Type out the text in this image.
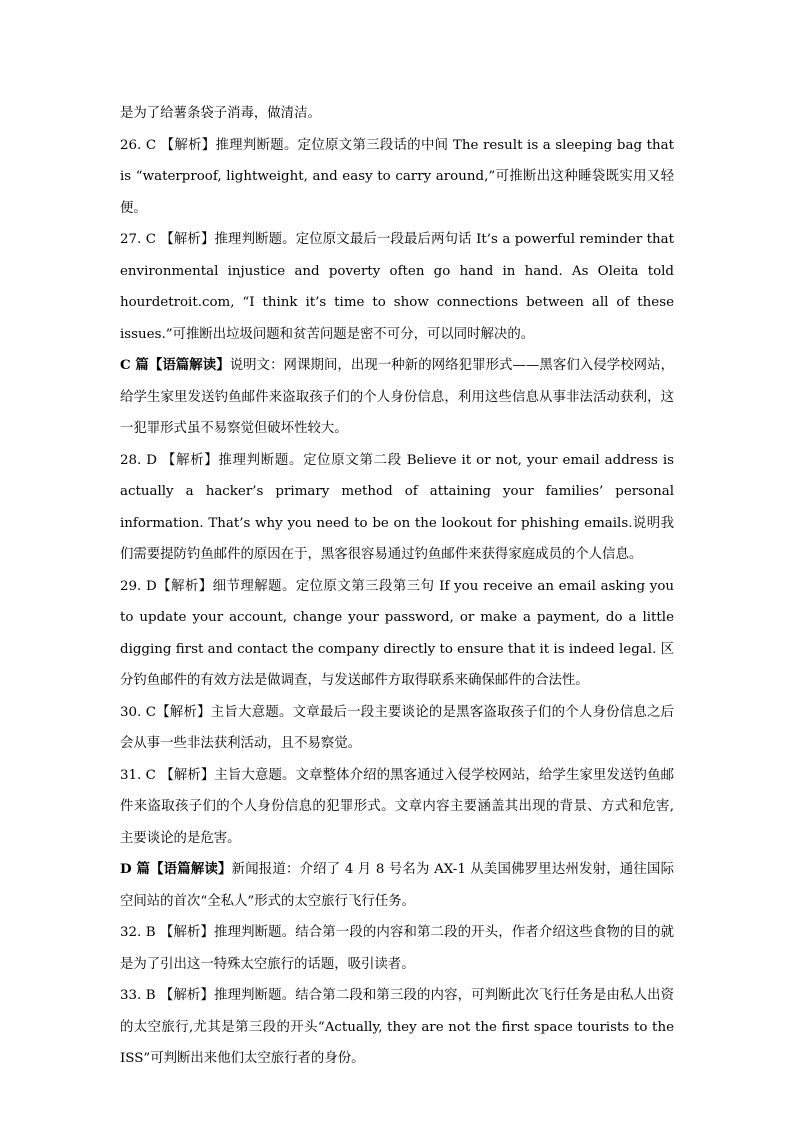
是为了给薯条袋子消毒，做清洁。

26. C 【解析】推理判断题。定位原文第三段话的中间 The result is a sleeping bag that is “waterproof, lightweight, and easy to carry around,”可推断出这种睡袋既实用又轻便。

27. C 【解析】推理判断题。定位原文最后一段最后两句话 It’s a powerful reminder that environmental injustice and poverty often go hand in hand. As Oleita told hourdetroit.com, “I think it’s time to show connections between all of these issues.”可推断出垃圾问题和贫苦问题是密不可分，可以同时解决的。

C 篇【语篇解读】说明文：网课期间，出现一种新的网络犯罪形式——黑客们入侵学校网站，给学生家里发送钓鱼邮件来盗取孩子们的个人身份信息，利用这些信息从事非法活动获利，这一犯罪形式虽不易察觉但破坏性较大。

28. D 【解析】推理判断题。定位原文第二段 Believe it or not, your email address is actually a hacker’s primary method of attaining your families’ personal information. That’s why you need to be on the lookout for phishing emails.说明我们需要提防钓鱼邮件的原因在于，黑客很容易通过钓鱼邮件来获得家庭成员的个人信息。

29. D【解析】细节理解题。定位原文第三段第三句 If you receive an email asking you to update your account, change your password, or make a payment, do a little digging first and contact the company directly to ensure that it is indeed legal. 区分钓鱼邮件的有效方法是做调查，与发送邮件方取得联系来确保邮件的合法性。

30. C【解析】主旨大意题。文章最后一段主要谈论的是黑客盗取孩子们的个人身份信息之后会从事一些非法获利活动，且不易察觉。

31. C 【解析】主旨大意题。文章整体介绍的黑客通过入侵学校网站，给学生家里发送钓鱼邮件来盗取孩子们的个人身份信息的犯罪形式。文章内容主要涵盖其出现的背景、方式和危害, 主要谈论的是危害。

D 篇【语篇解读】新闻报道：介绍了 4 月 8 号名为 AX-1 从美国佛罗里达州发射，通往国际空间站的首次“全私人”形式的太空旅行飞行任务。

32. B 【解析】推理判断题。结合第一段的内容和第二段的开头，作者介绍这些食物的目的就是为了引出这一特殊太空旅行的话题，吸引读者。

33. B 【解析】推理判断题。结合第二段和第三段的内容，可判断此次飞行任务是由私人出资的太空旅行,尤其是第三段的开头“Actually, they are not the first space tourists to the ISS”可判断出来他们太空旅行者的身份。
